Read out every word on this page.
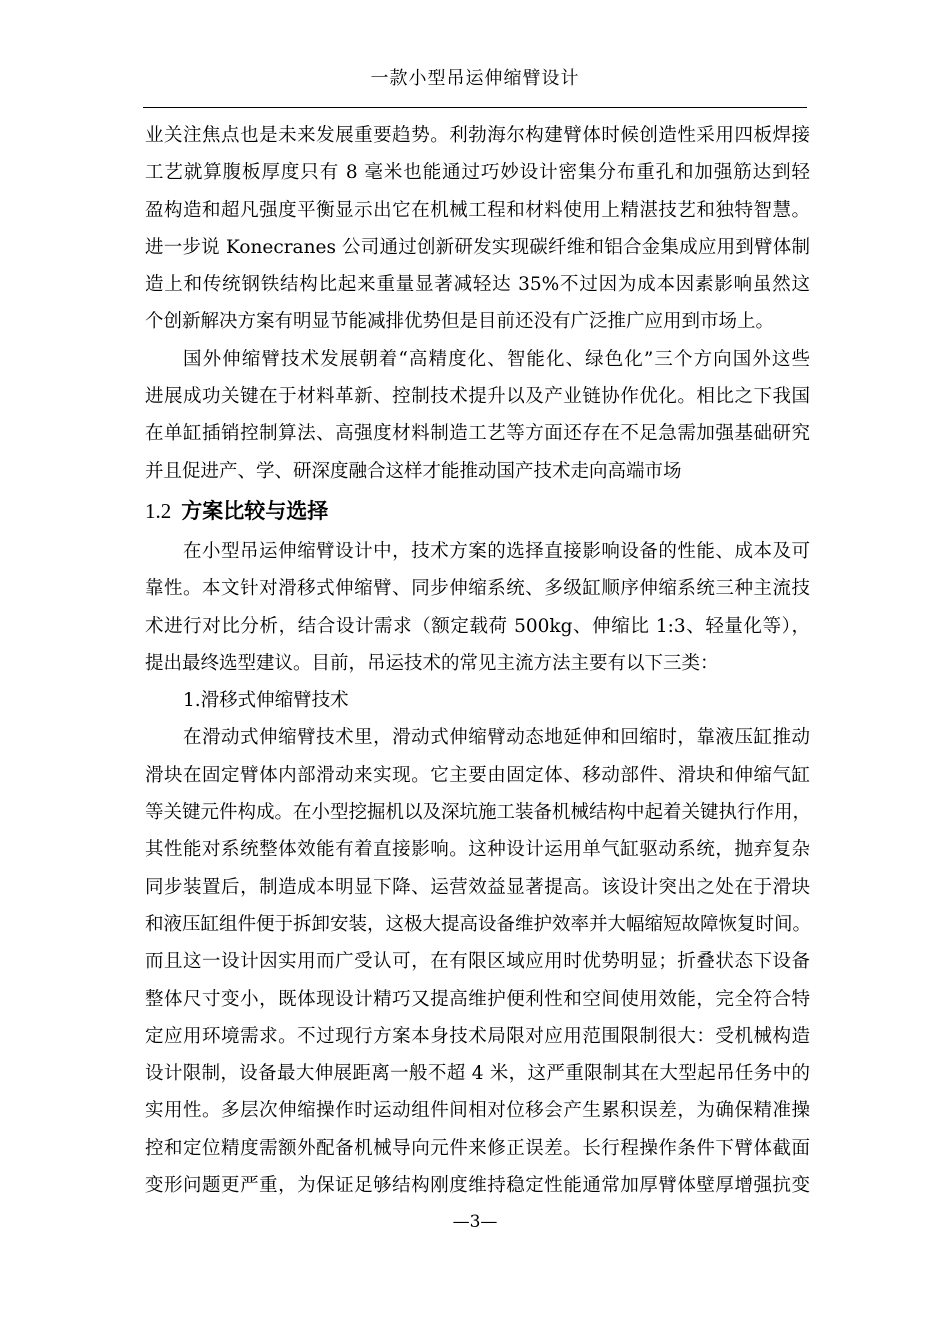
一款小型吊运伸缩臂设计
业关注焦点也是未来发展重要趋势。利勃海尔构建臂体时候创造性采用四板焊接
工艺就算腹板厚度只有 8 毫米也能通过巧妙设计密集分布重孔和加强筋达到轻
盈构造和超凡强度平衡显示出它在机械工程和材料使用上精湛技艺和独特智慧。
进一步说 Konecranes 公司通过创新研发实现碳纤维和铝合金集成应用到臂体制
造上和传统钢铁结构比起来重量显著减轻达 35%不过因为成本因素影响虽然这
个创新解决方案有明显节能减排优势但是目前还没有广泛推广应用到市场上。
国外伸缩臂技术发展朝着“高精度化、智能化、绿色化”三个方向国外这些
进展成功关键在于材料革新、控制技术提升以及产业链协作优化。相比之下我国
在单缸插销控制算法、高强度材料制造工艺等方面还存在不足急需加强基础研究
并且促进产、学、研深度融合这样才能推动国产技术走向高端市场
1.2 方案比较与选择
在小型吊运伸缩臂设计中，技术方案的选择直接影响设备的性能、成本及可
靠性。本文针对滑移式伸缩臂、同步伸缩系统、多级缸顺序伸缩系统三种主流技
术进行对比分析，结合设计需求（额定载荷 500kg、伸缩比 1:3、轻量化等），
提出最终选型建议。目前，吊运技术的常见主流方法主要有以下三类：
1.滑移式伸缩臂技术
在滑动式伸缩臂技术里，滑动式伸缩臂动态地延伸和回缩时，靠液压缸推动
滑块在固定臂体内部滑动来实现。它主要由固定体、移动部件、滑块和伸缩气缸
等关键元件构成。在小型挖掘机以及深坑施工装备机械结构中起着关键执行作用，
其性能对系统整体效能有着直接影响。这种设计运用单气缸驱动系统，抛弃复杂
同步装置后，制造成本明显下降、运营效益显著提高。该设计突出之处在于滑块
和液压缸组件便于拆卸安装，这极大提高设备维护效率并大幅缩短故障恢复时间。
而且这一设计因实用而广受认可，在有限区域应用时优势明显；折叠状态下设备
整体尺寸变小，既体现设计精巧又提高维护便利性和空间使用效能，完全符合特
定应用环境需求。不过现行方案本身技术局限对应用范围限制很大：受机械构造
设计限制，设备最大伸展距离一般不超 4 米，这严重限制其在大型起吊任务中的
实用性。多层次伸缩操作时运动组件间相对位移会产生累积误差，为确保精准操
控和定位精度需额外配备机械导向元件来修正误差。长行程操作条件下臂体截面
变形问题更严重，为保证足够结构刚度维持稳定性能通常加厚臂体壁厚增强抗变
—3—
